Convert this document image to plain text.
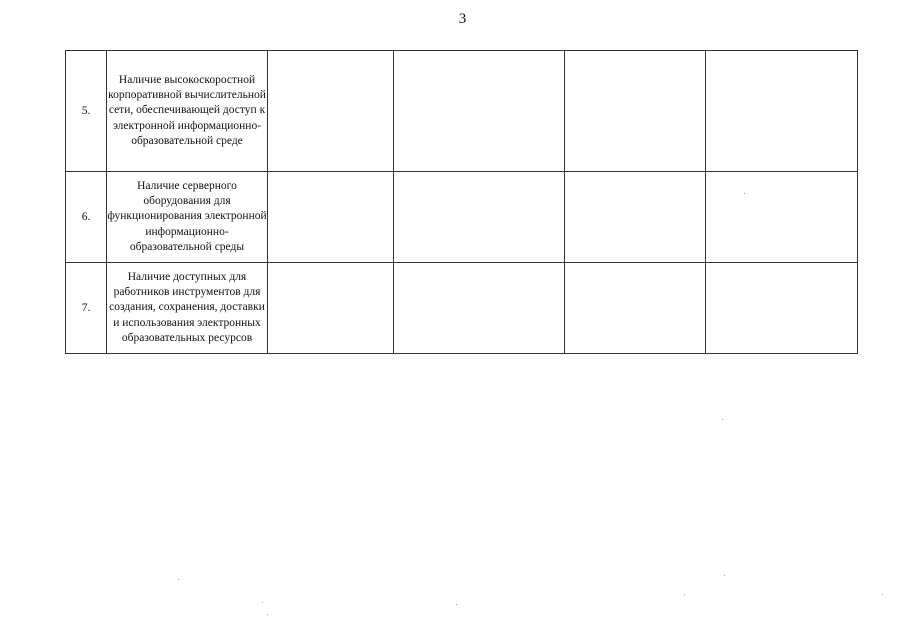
3
5.	Наличие высокоскоростной корпоративной вычислительной сети, обеспечивающей доступ к электронной информационно-образовательной среде				
6.	Наличие серверного оборудования для функционирования электронной информационно-образовательной среды				
7.	Наличие доступных для работников инструментов для создания, сохранения, доставки и использования электронных образовательных ресурсов				
